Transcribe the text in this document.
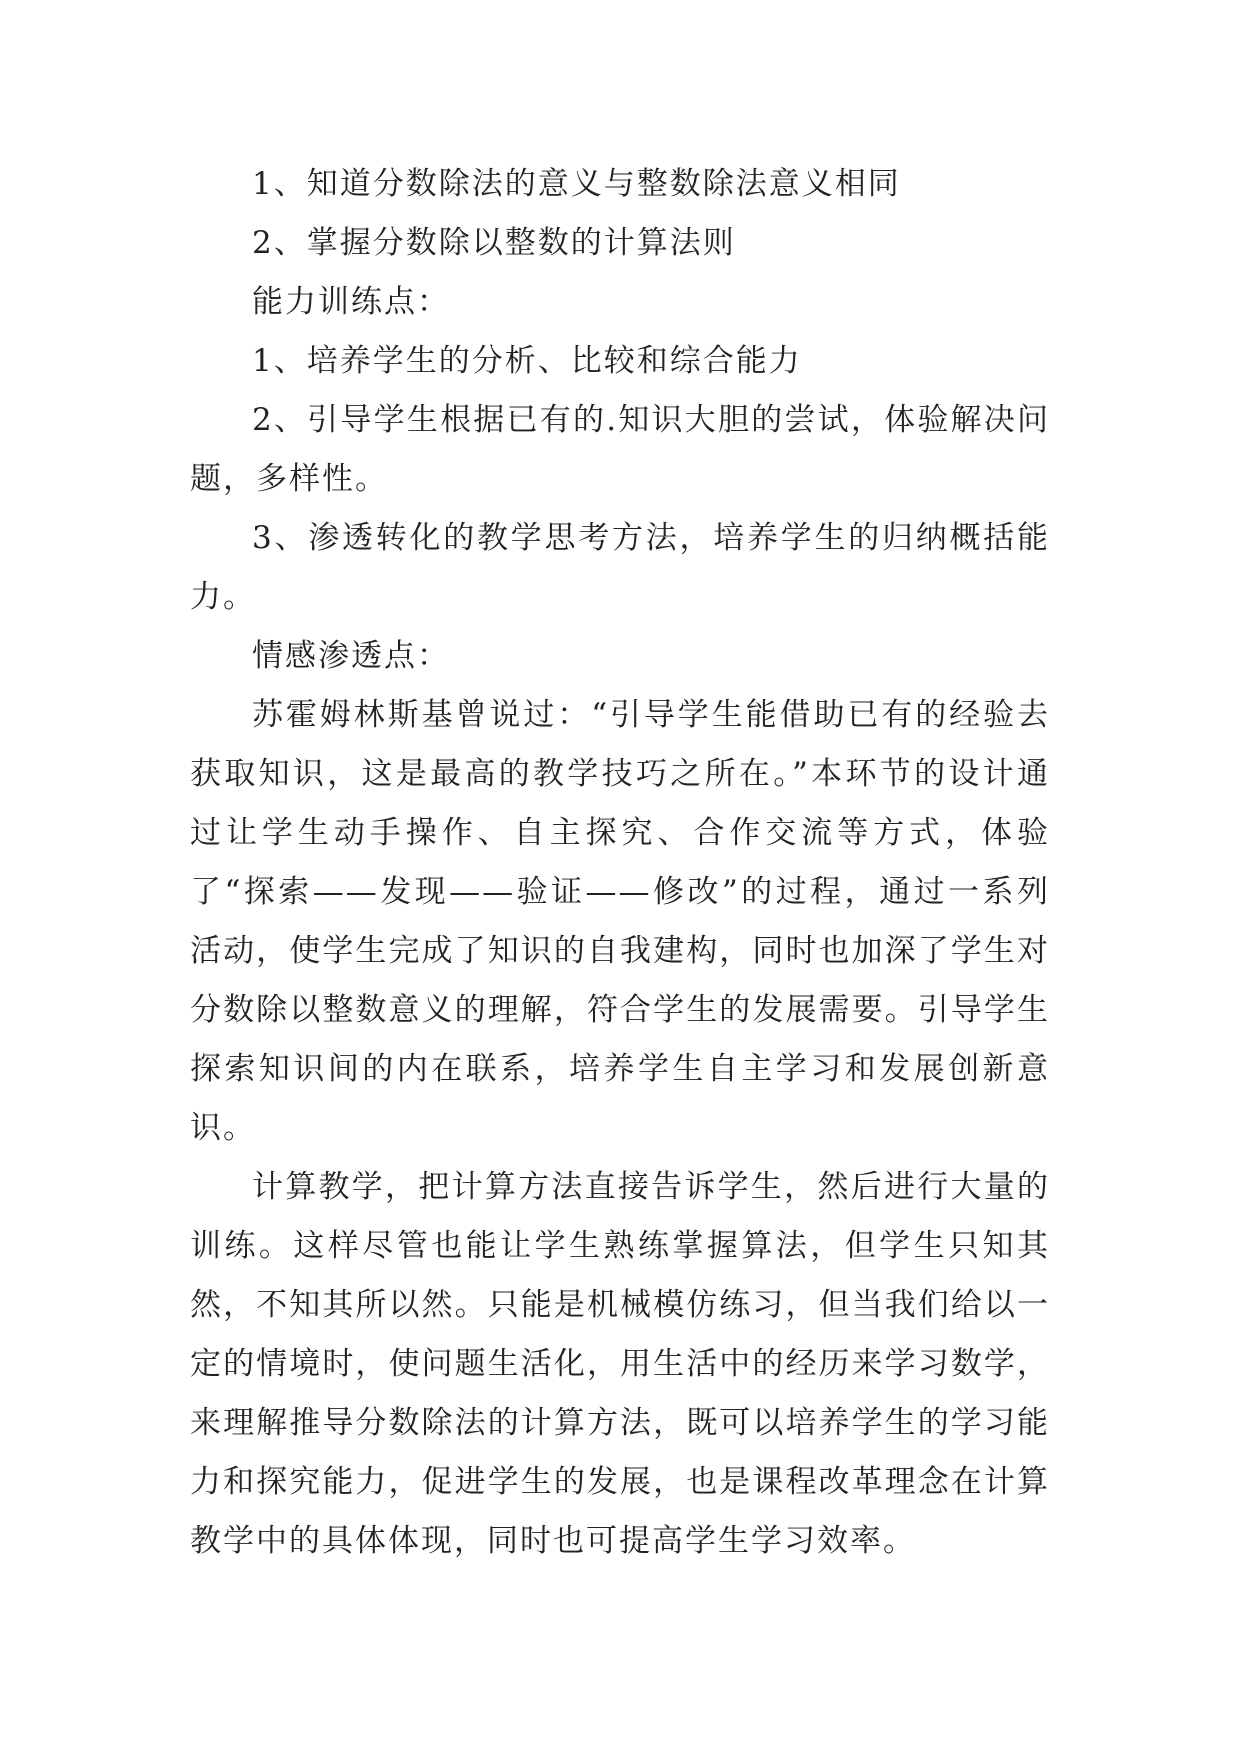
1、知道分数除法的意义与整数除法意义相同

2、掌握分数除以整数的计算法则

能力训练点：

1、培养学生的分析、比较和综合能力

2、引导学生根据已有的.知识大胆的尝试，体验解决问题，多样性。

3、渗透转化的教学思考方法，培养学生的归纳概括能力。

情感渗透点：

苏霍姆林斯基曾说过：“引导学生能借助已有的经验去获取知识，这是最高的教学技巧之所在。”本环节的设计通过让学生动手操作、自主探究、合作交流等方式，体验了“探索——发现——验证——修改”的过程，通过一系列活动，使学生完成了知识的自我建构，同时也加深了学生对分数除以整数意义的理解，符合学生的发展需要。引导学生探索知识间的内在联系，培养学生自主学习和发展创新意识。

计算教学，把计算方法直接告诉学生，然后进行大量的训练。这样尽管也能让学生熟练掌握算法，但学生只知其然，不知其所以然。只能是机械模仿练习，但当我们给以一定的情境时，使问题生活化，用生活中的经历来学习数学，来理解推导分数除法的计算方法，既可以培养学生的学习能力和探究能力，促进学生的发展，也是课程改革理念在计算教学中的具体体现，同时也可提高学生学习效率。
